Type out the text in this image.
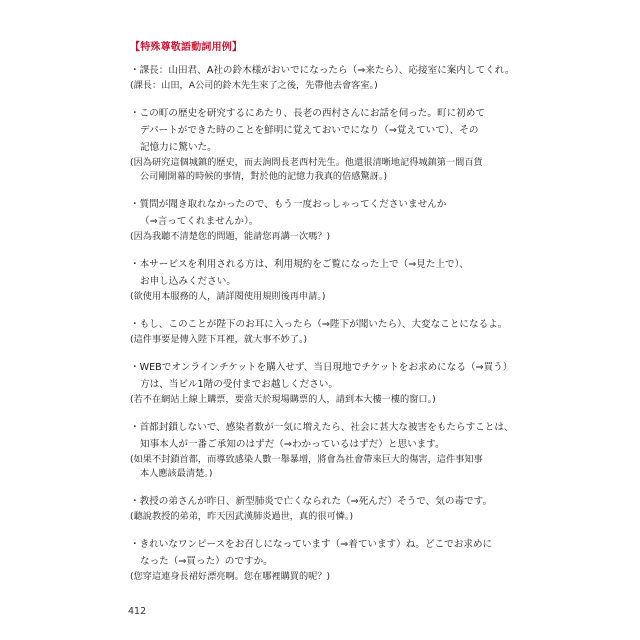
【特殊尊敬語動詞用例】
・課長：山田君、A社の鈴木様がおいでになったら（⇒来たら）、応接室に案内してくれ。
(課長：山田，A公司的鈴木先生來了之後，先帶他去會客室。)
・この町の歴史を研究するにあたり、長老の西村さんにお話を伺った。町に初めて
デパートができた時のことを鮮明に覚えておいでになり（⇒覚えていて）、その
記憶力に驚いた。
(因為研究這個城鎮的歷史，而去詢問長老西村先生。他還很清晰地記得城鎮第一間百貨
公司剛開幕的時候的事情，對於他的記憶力我真的倍感驚訝。)
・質問が聞き取れなかったので、もう一度おっしゃってくださいませんか
（⇒言ってくれませんか）。
(因為我聽不清楚您的問題，能請您再講一次嗎？)
・本サービスを利用される方は、利用規約をご覧になった上で（⇒見た上で）、
お申し込みください。
(欲使用本服務的人，請詳閱使用規則後再申請。)
・もし、このことが陛下のお耳に入ったら（⇒陛下が聞いたら）、大変なことになるよ。
(這件事要是傳入陛下耳裡，就大事不妙了。)
・WEBでオンラインチケットを購入せず、当日現地でチケットをお求めになる（⇒買う）
方は、当ビル1階の受付までお越しください。
(若不在網站上線上購票，要當天於現場購票的人，請到本大樓一樓的窗口。)
・首都封鎖しないで、感染者数が一気に増えたら、社会に甚大な被害をもたらすことは、
知事本人が一番ご承知のはずだ（⇒わかっているはずだ）と思います。
(如果不封鎖首都，而導致感染人數一舉暴增，將會為社會帶來巨大的傷害，這件事知事
本人應該最清楚。)
・教授の弟さんが昨日、新型肺炎で亡くなられた（⇒死んだ）そうで、気の毒です。
(聽說教授的弟弟，昨天因武漢肺炎過世，真的很可憐。)
・きれいなワンピースをお召しになっています（⇒着ています）ね。どこでお求めに
なった（⇒買った）のですか。
(您穿這連身長裙好漂亮啊。您在哪裡購買的呢？)
412
